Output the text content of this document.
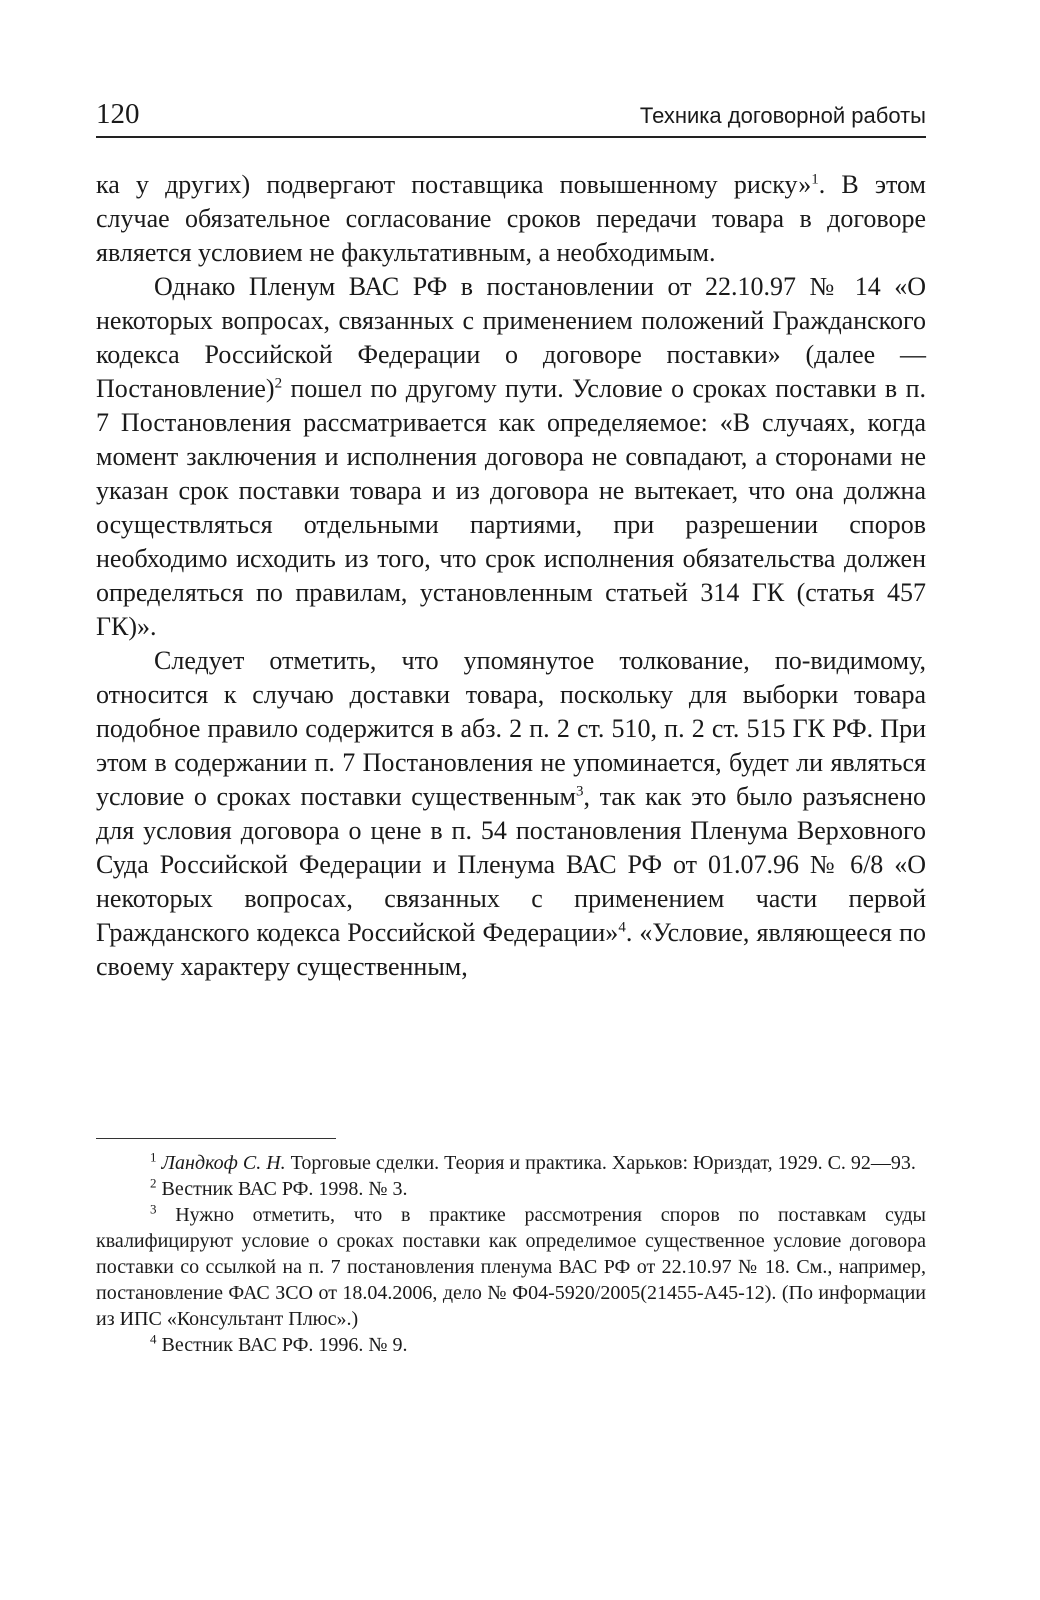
120	Техника договорной работы

ка у других) подвергают поставщика повышенному риску»$^1$. В этом случае обязательное согласование сроков передачи товара в договоре является условием не факультативным, а необходимым.

Однако Пленум ВАС РФ в постановлении от 22.10.97 № 14 «О некоторых вопросах, связанных с применением положений Гражданского кодекса Российской Федерации о договоре поставки» (далее — Постановление)$^2$ пошел по другому пути. Условие о сроках поставки в п. 7 Постановления рассматривается как определяемое: «В случаях, когда момент заключения и исполнения договора не совпадают, а сторонами не указан срок поставки товара и из договора не вытекает, что она должна осуществляться отдельными партиями, при разрешении споров необходимо исходить из того, что срок исполнения обязательства должен определяться по правилам, установленным статьей 314 ГК (статья 457 ГК)».

Следует отметить, что упомянутое толкование, по-видимому, относится к случаю доставки товара, поскольку для выборки товара подобное правило содержится в абз. 2 п. 2 ст. 510, п. 2 ст. 515 ГК РФ. При этом в содержании п. 7 Постановления не упоминается, будет ли являться условие о сроках поставки существенным$^3$, так как это было разъяснено для условия договора о цене в п. 54 постановления Пленума Верховного Суда Российской Федерации и Пленума ВАС РФ от 01.07.96 № 6/8 «О некоторых вопросах, связанных с применением части первой Гражданского кодекса Российской Федерации»$^4$. «Условие, являющееся по своему характеру существенным,

$^1$ Ландкоф С. Н. Торговые сделки. Теория и практика. Харьков: Юриздат, 1929. С. 92—93.

$^2$ Вестник ВАС РФ. 1998. № 3.

$^3$ Нужно отметить, что в практике рассмотрения споров по поставкам суды квалифицируют условие о сроках поставки как определимое существенное условие договора поставки со ссылкой на п. 7 постановления пленума ВАС РФ от 22.10.97 № 18. См., например, постановление ФАС ЗСО от 18.04.2006, дело № Ф04-5920/2005(21455-А45-12). (По информации из ИПС «Консультант Плюс».)

$^4$ Вестник ВАС РФ. 1996. № 9.
